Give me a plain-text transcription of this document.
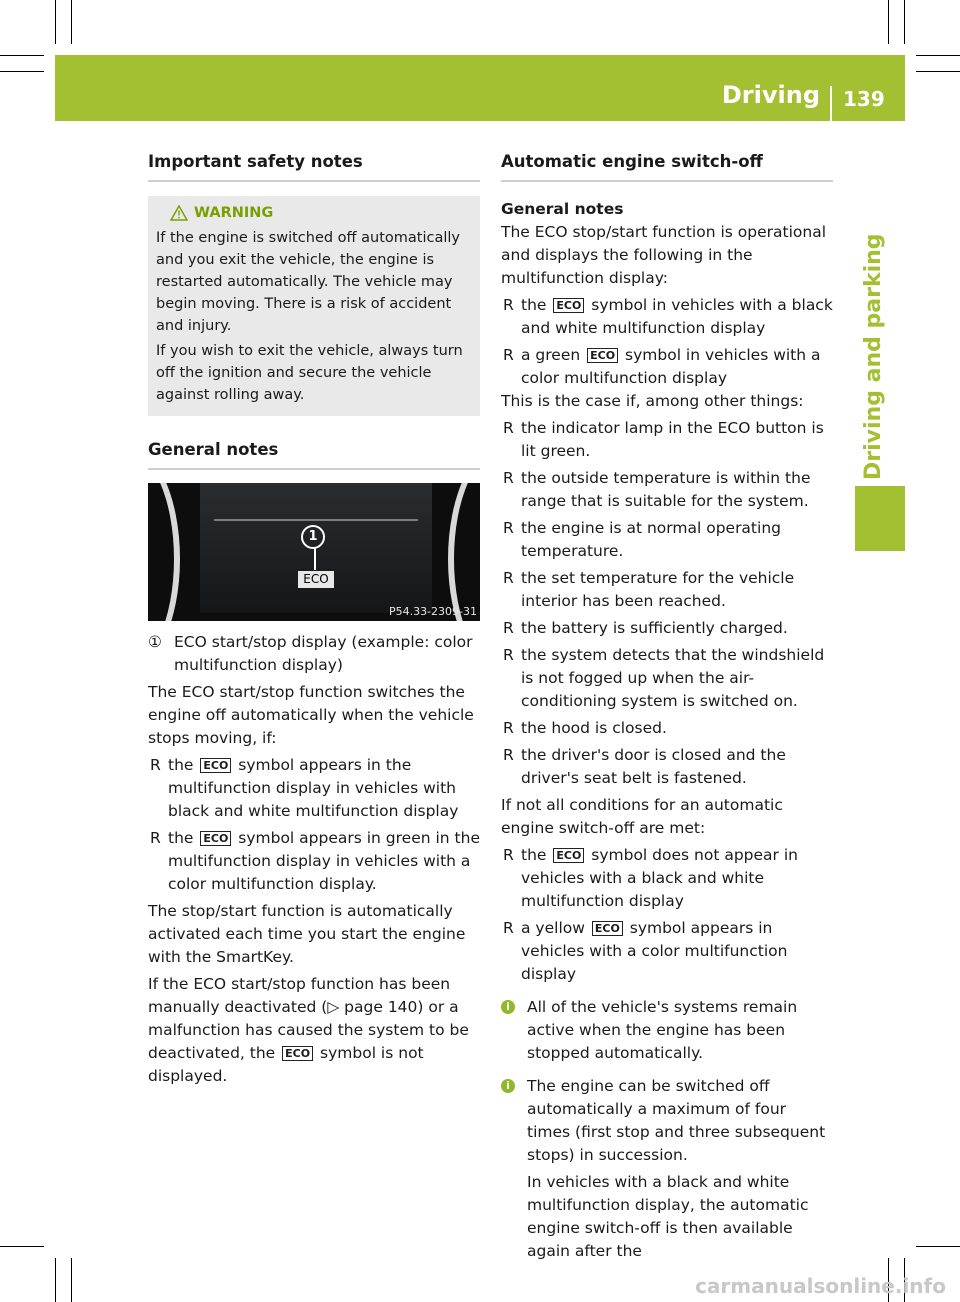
Driving 139
Driving and parking
Important safety notes
WARNING

If the engine is switched off automatically and you exit the vehicle, the engine is restarted automatically. The vehicle may begin moving. There is a risk of accident and injury.

If you wish to exit the vehicle, always turn off the ignition and secure the vehicle against rolling away.

General notes
1
ECO
P54.33-2309-31
① ECO start/stop display (example: color multifunction display)

The ECO start/stop function switches the engine off automatically when the vehicle stops moving, if:

R the ECO symbol appears in the multifunction display in vehicles with black and white multifunction display
R the ECO symbol appears in green in the multifunction display in vehicles with a color multifunction display.

The stop/start function is automatically activated each time you start the engine with the SmartKey.

If the ECO start/stop function has been manually deactivated (▷ page 140) or a malfunction has caused the system to be deactivated, the ECO symbol is not displayed.

Automatic engine switch-off
General notes

The ECO stop/start function is operational and displays the following in the multifunction display:

R the ECO symbol in vehicles with a black and white multifunction display
R a green ECO symbol in vehicles with a color multifunction display

This is the case if, among other things:

R the indicator lamp in the ECO button is lit green.
R the outside temperature is within the range that is suitable for the system.
R the engine is at normal operating temperature.
R the set temperature for the vehicle interior has been reached.
R the battery is sufficiently charged.
R the system detects that the windshield is not fogged up when the air-conditioning system is switched on.
R the hood is closed.
R the driver's door is closed and the driver's seat belt is fastened.

If not all conditions for an automatic engine switch-off are met:

R the ECO symbol does not appear in vehicles with a black and white multifunction display
R a yellow ECO symbol appears in vehicles with a color multifunction display
i	All of the vehicle's systems remain active when the engine has been stopped automatically.

i	The engine can be switched off automatically a maximum of four times (first stop and three subsequent stops) in succession.

In vehicles with a black and white multifunction display, the automatic engine switch-off is then available again after the

carmanualsonline.info
